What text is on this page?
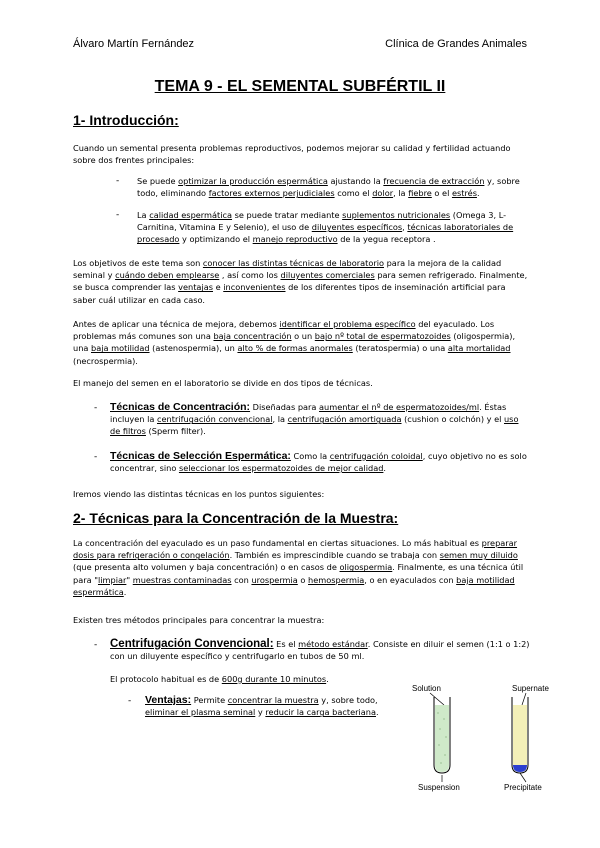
Álvaro Martín Fernández	Clínica de Grandes Animales
TEMA 9 - EL SEMENTAL SUBFÉRTIL II
1- Introducción:
Cuando un semental presenta problemas reproductivos, podemos mejorar su calidad y fertilidad actuando sobre dos frentes principales:
- Se puede optimizar la producción espermática ajustando la frecuencia de extracción y, sobre todo, eliminando factores externos perjudiciales como el dolor, la fiebre o el estrés.
- La calidad espermática se puede tratar mediante suplementos nutricionales (Omega 3, L-Carnitina, Vitamina E y Selenio), el uso de diluyentes específicos, técnicas laboratoriales de procesado y optimizando el manejo reproductivo de la yegua receptora .
Los objetivos de este tema son conocer las distintas técnicas de laboratorio para la mejora de la calidad seminal y cuándo deben emplearse , así como los diluyentes comerciales para semen refrigerado. Finalmente, se busca comprender las ventajas e inconvenientes de los diferentes tipos de inseminación artificial para saber cuál utilizar en cada caso.
Antes de aplicar una técnica de mejora, debemos identificar el problema específico del eyaculado. Los problemas más comunes son una baja concentración o un bajo nº total de espermatozoides (oligospermia), una baja motilidad (astenospermia), un alto % de formas anormales (teratospermia) o una alta mortalidad (necrospermia).
El manejo del semen en el laboratorio se divide en dos tipos de técnicas.
- Técnicas de Concentración: Diseñadas para aumentar el nº de espermatozoides/ml. Éstas incluyen la centrifugación convencional, la centrifugación amortiguada (cushion o colchón) y el uso de filtros (Sperm filter).
- Técnicas de Selección Espermática: Como la centrifugación coloidal, cuyo objetivo no es solo concentrar, sino seleccionar los espermatozoides de mejor calidad.
Iremos viendo las distintas técnicas en los puntos siguientes:
2- Técnicas para la Concentración de la Muestra:
La concentración del eyaculado es un paso fundamental en ciertas situaciones. Lo más habitual es preparar dosis para refrigeración o congelación. También es imprescindible cuando se trabaja con semen muy diluido (que presenta alto volumen y baja concentración) o en casos de oligospermia. Finalmente, es una técnica útil para "limpiar" muestras contaminadas con urospermia o hemospermia, o en eyaculados con baja motilidad espermática.
Existen tres métodos principales para concentrar la muestra:
- Centrifugación Convencional: Es el método estándar. Consiste en diluir el semen (1:1 o 1:2) con un diluyente específico y centrifugarlo en tubos de 50 ml.
El protocolo habitual es de 600g durante 10 minutos.
- Ventajas: Permite concentrar la muestra y, sobre todo, eliminar el plasma seminal y reducir la carga bacteriana.
Solution	Supernate
Suspension	Precipitate
